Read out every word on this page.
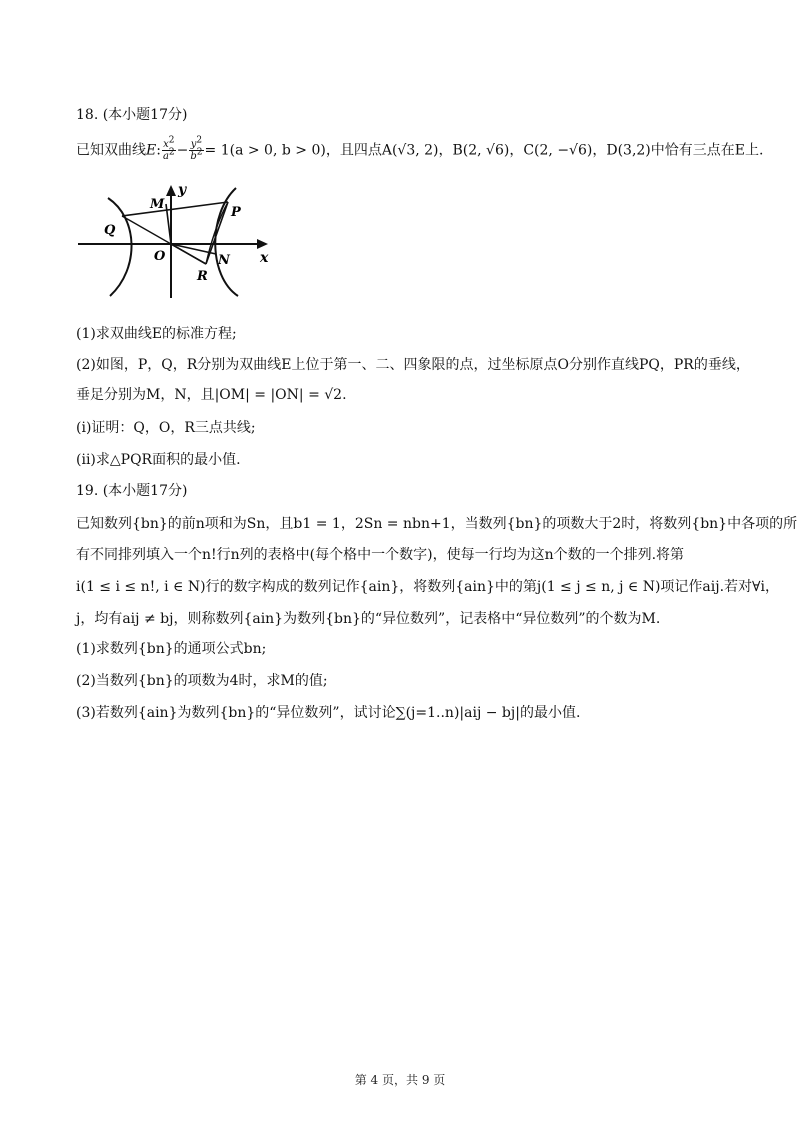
18. (本小题17分)
已知双曲线E: $\frac{x^2}{a^2} - \frac{y^2}{b^2} = 1(a > 0$, b > 0)，且四点A(√3, 2)，B(2, √6)，C(2, −√6)，D(3,2)中恰有三点在E上.
y
x
M
P
Q
O	N
R
(1)求双曲线E的标准方程;
(2)如图，P，Q，R分别为双曲线E上位于第一、二、四象限的点，过坐标原点O分别作直线PQ，PR的垂线，
垂足分别为M，N，且|OM| = |ON| = √2.
(i)证明：Q，O，R三点共线;
(ii)求△PQR面积的最小值.
19. (本小题17分)
已知数列{bn}的前n项和为Sn，且b1 = 1，2Sn = nbn+1，当数列{bn}的项数大于2时，将数列{bn}中各项的所
有不同排列填入一个n!行n列的表格中(每个格中一个数字)，使每一行均为这n个数的一个排列.将第
i(1 ≤ i ≤ n!, i ∈ N)行的数字构成的数列记作{ain}，将数列{ain}中的第j(1 ≤ j ≤ n, j ∈ N)项记作aij.若对∀i，
j，均有aij ≠ bj，则称数列{ain}为数列{bn}的“异位数列”，记表格中“异位数列”的个数为M.
(1)求数列{bn}的通项公式bn;
(2)当数列{bn}的项数为4时，求M的值;
(3)若数列{ain}为数列{bn}的“异位数列”，试讨论∑(j=1..n)|aij − bj|的最小值.
第 4 页，共 9 页
